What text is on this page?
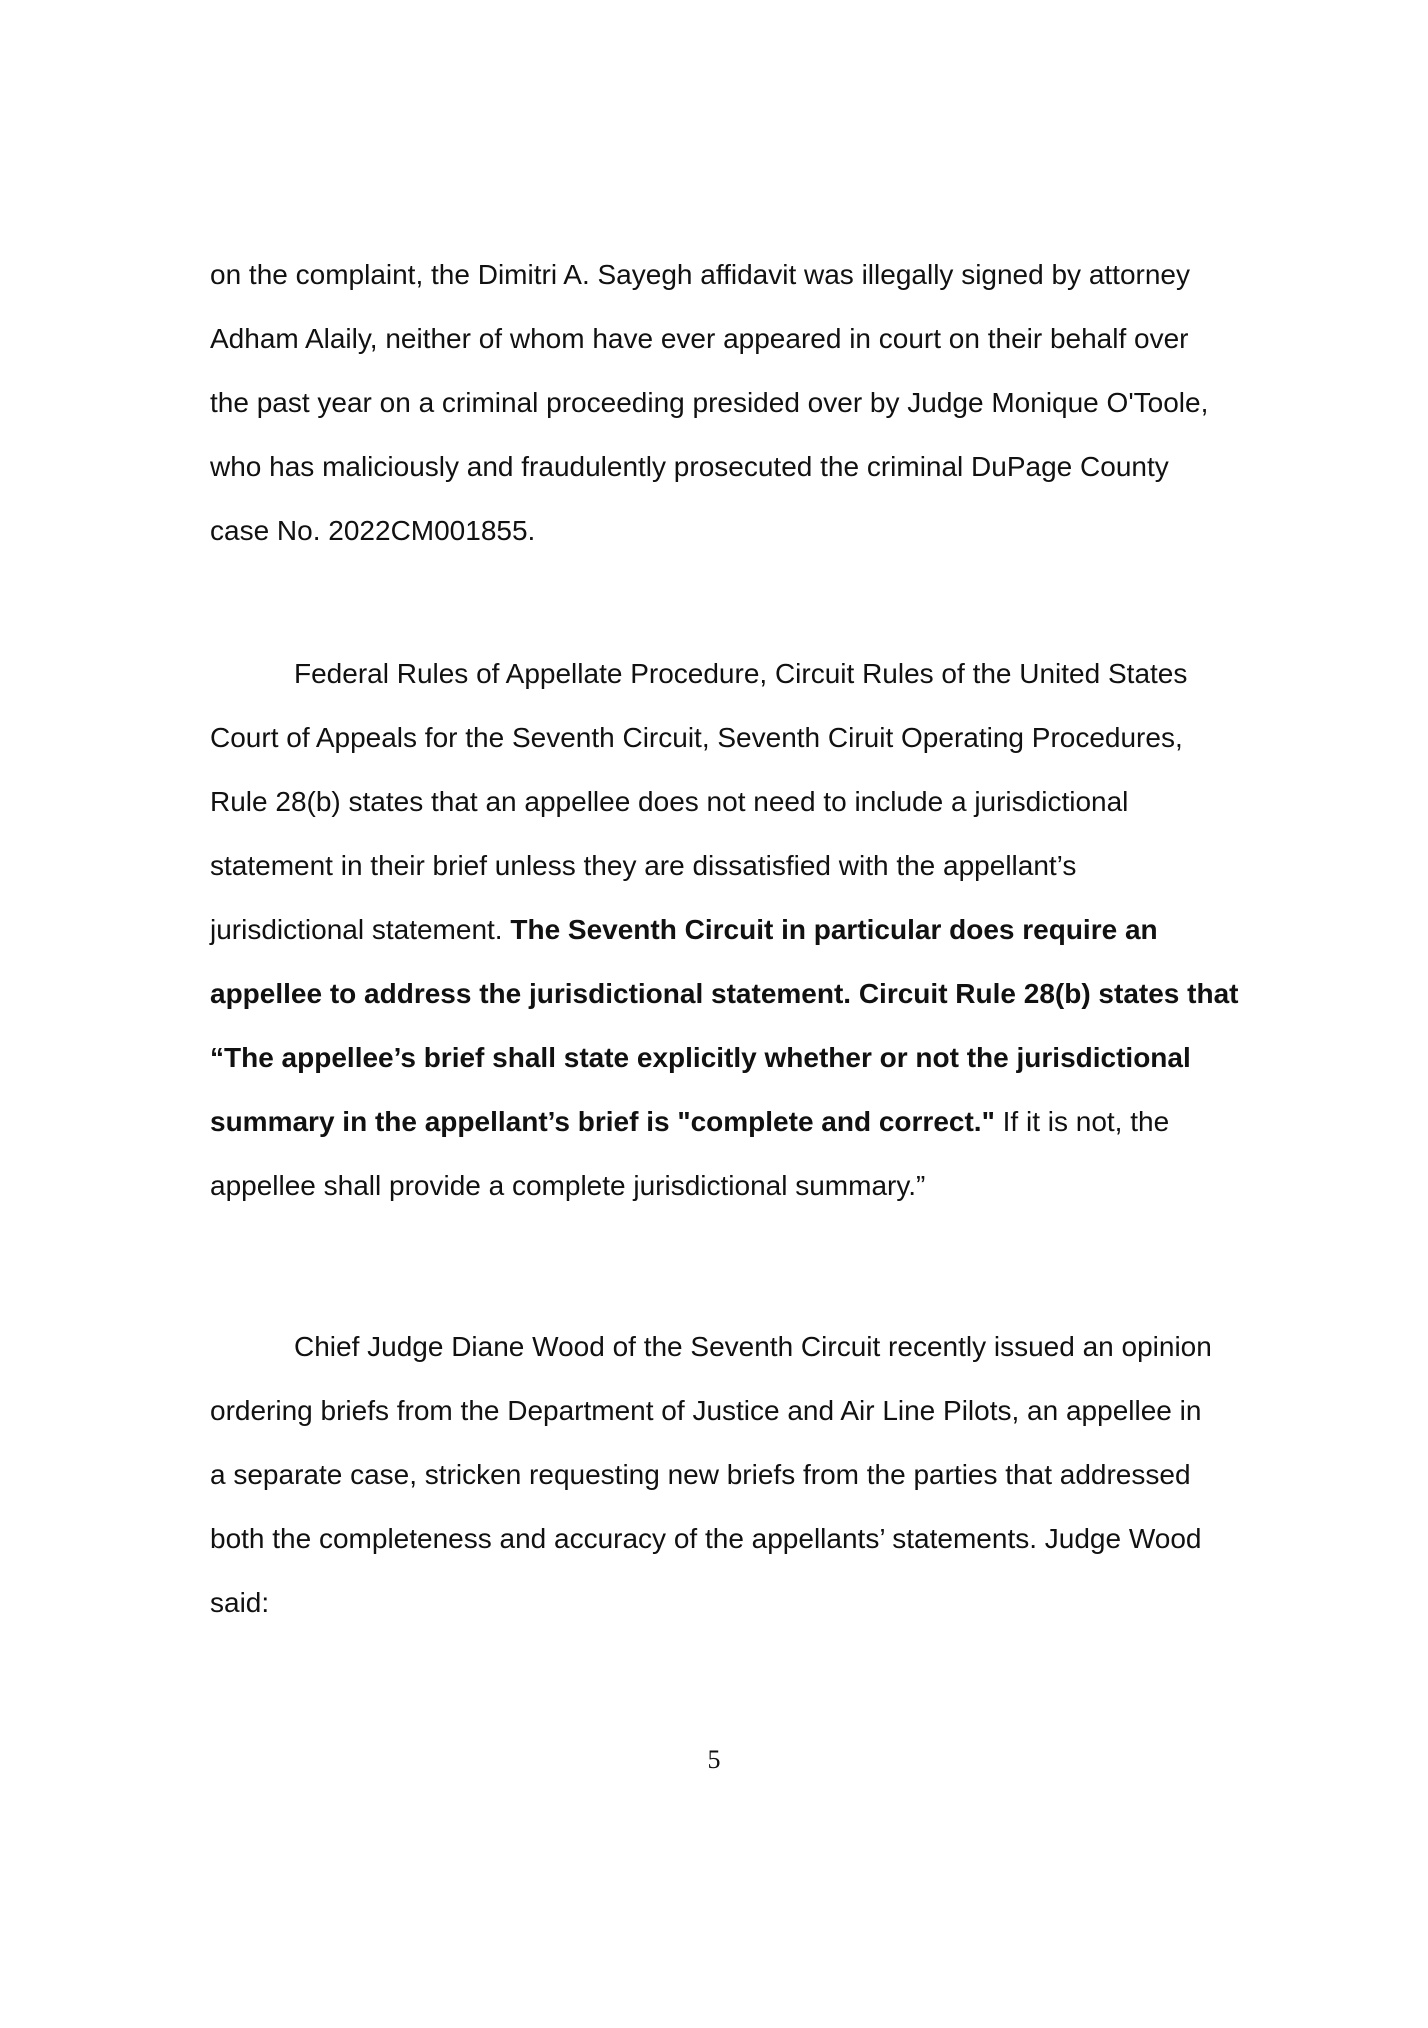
on the complaint, the Dimitri A. Sayegh affidavit was illegally signed by attorney
Adham Alaily, neither of whom have ever appeared in court on their behalf over
the past year on a criminal proceeding presided over by Judge Monique O'Toole,
who has maliciously and fraudulently prosecuted the criminal DuPage County
case No. 2022CM001855.

Federal Rules of Appellate Procedure, Circuit Rules of the United States
Court of Appeals for the Seventh Circuit, Seventh Ciruit Operating Procedures,
Rule 28(b) states that an appellee does not need to include a jurisdictional
statement in their brief unless they are dissatisfied with the appellant’s
jurisdictional statement. The Seventh Circuit in particular does require an
appellee to address the jurisdictional statement. Circuit Rule 28(b) states that
“The appellee’s brief shall state explicitly whether or not the jurisdictional
summary in the appellant’s brief is "complete and correct." If it is not, the
appellee shall provide a complete jurisdictional summary.”

Chief Judge Diane Wood of the Seventh Circuit recently issued an opinion
ordering briefs from the Department of Justice and Air Line Pilots, an appellee in
a separate case, stricken requesting new briefs from the parties that addressed
both the completeness and accuracy of the appellants’ statements. Judge Wood
said:

5
